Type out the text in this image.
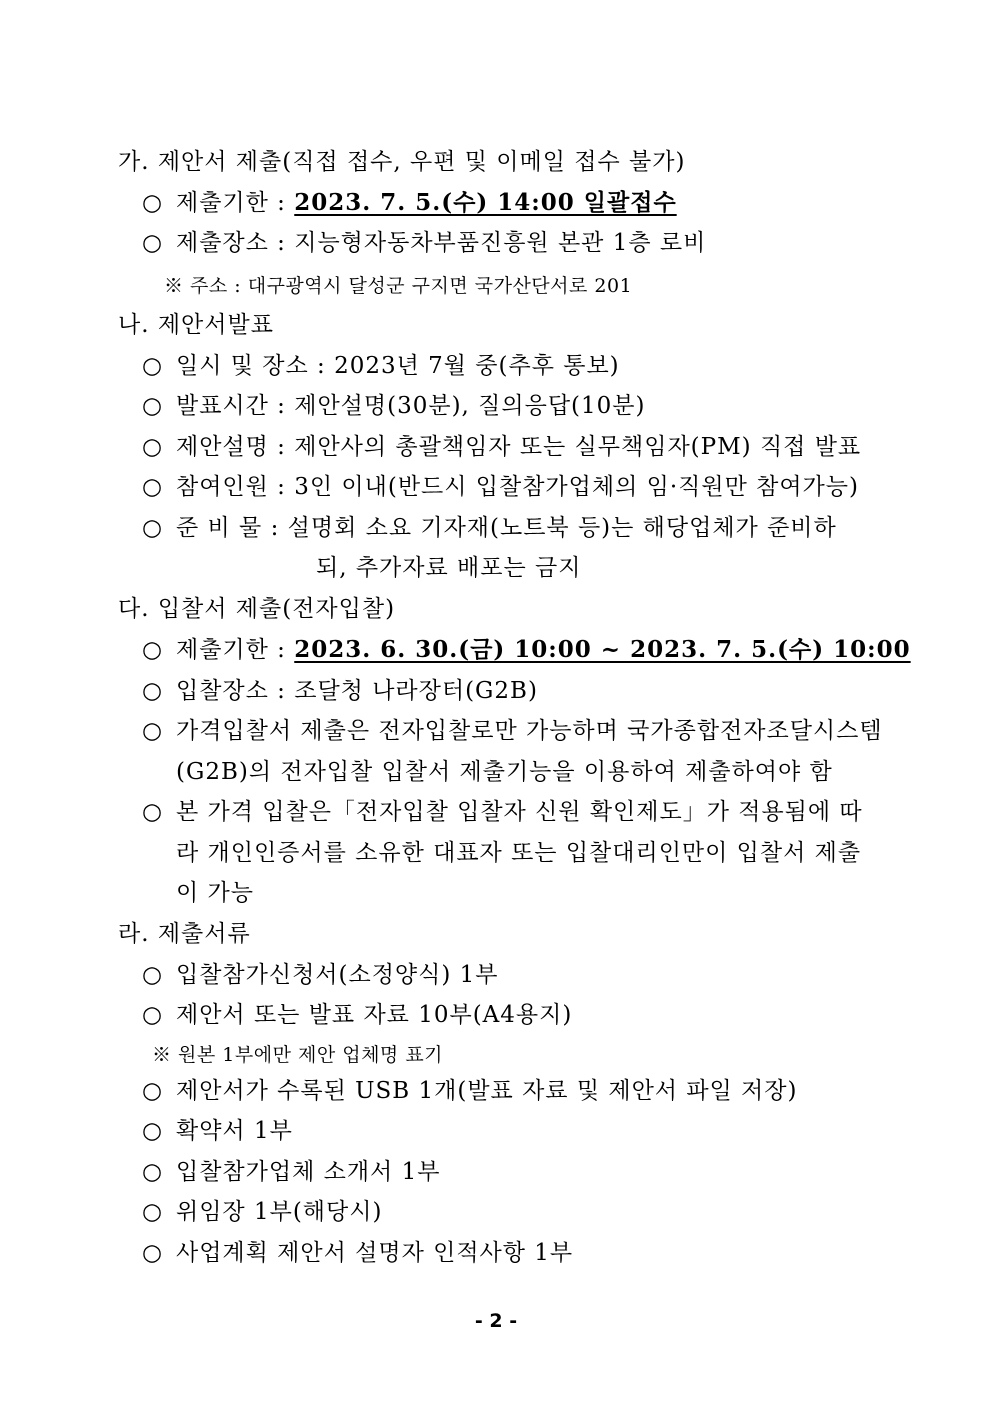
가. 제안서 제출(직접 접수, 우편 및 이메일 접수 불가)
○ 제출기한 : 2023. 7. 5.(수) 14:00 일괄접수
○ 제출장소 : 지능형자동차부품진흥원 본관 1층 로비
※ 주소 : 대구광역시 달성군 구지면 국가산단서로 201
나. 제안서발표
○ 일시 및 장소 : 2023년 7월 중(추후 통보)
○ 발표시간 : 제안설명(30분), 질의응답(10분)
○ 제안설명 : 제안사의 총괄책임자 또는 실무책임자(PM) 직접 발표
○ 참여인원 : 3인 이내(반드시 입찰참가업체의 임·직원만 참여가능)
○ 준 비 물 : 설명회 소요 기자재(노트북 등)는 해당업체가 준비하
되, 추가자료 배포는 금지
다. 입찰서 제출(전자입찰)
○ 제출기한 : 2023. 6. 30.(금) 10:00 ~ 2023. 7. 5.(수) 10:00
○ 입찰장소 : 조달청 나라장터(G2B)
○ 가격입찰서 제출은 전자입찰로만 가능하며 국가종합전자조달시스템
(G2B)의 전자입찰 입찰서 제출기능을 이용하여 제출하여야 함
○ 본 가격 입찰은「전자입찰 입찰자 신원 확인제도」가 적용됨에 따
라 개인인증서를 소유한 대표자 또는 입찰대리인만이 입찰서 제출
이 가능
라. 제출서류
○ 입찰참가신청서(소정양식) 1부
○ 제안서 또는 발표 자료 10부(A4용지)
※ 원본 1부에만 제안 업체명 표기
○ 제안서가 수록된 USB 1개(발표 자료 및 제안서 파일 저장)
○ 확약서 1부
○ 입찰참가업체 소개서 1부
○ 위임장 1부(해당시)
○ 사업계획 제안서 설명자 인적사항 1부
- 2 -
